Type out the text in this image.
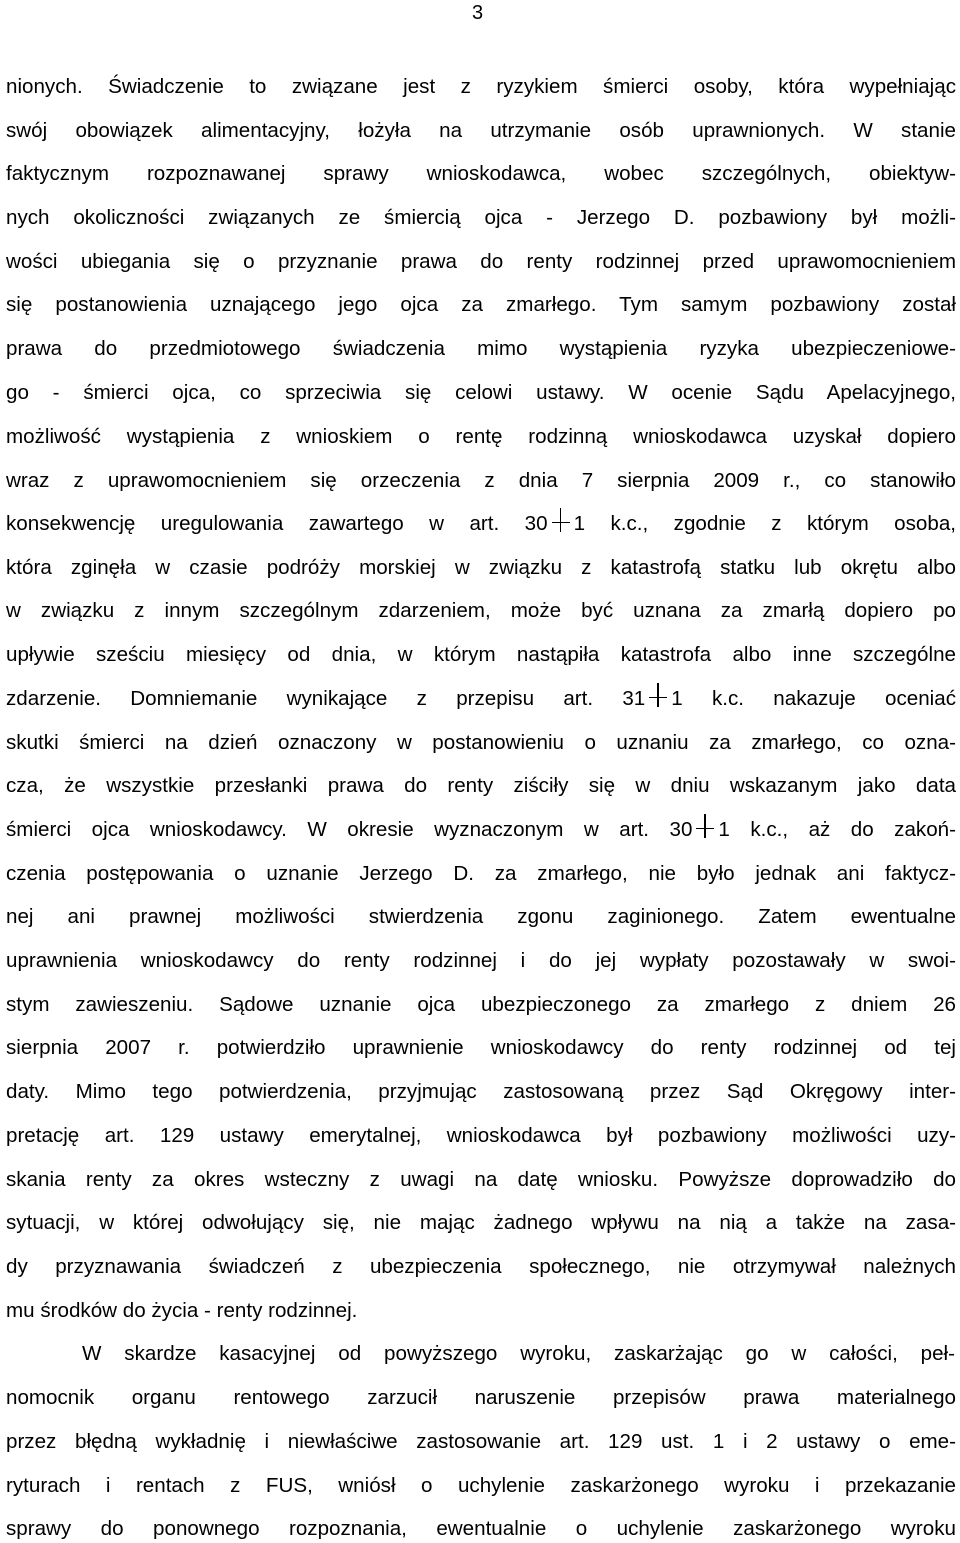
3
nionych. Świadczenie to związane jest z ryzykiem śmierci osoby, która wypełniając
swój obowiązek alimentacyjny, łożyła na utrzymanie osób uprawnionych. W stanie
faktycznym rozpoznawanej sprawy wnioskodawca, wobec szczególnych, obiektyw-
nych okoliczności związanych ze śmiercią ojca - Jerzego D. pozbawiony był możli-
wości ubiegania się o przyznanie prawa do renty rodzinnej przed uprawomocnieniem
się postanowienia uznającego jego ojca za zmarłego. Tym samym pozbawiony został
prawa do przedmiotowego świadczenia mimo wystąpienia ryzyka ubezpieczeniowe-
go - śmierci ojca, co sprzeciwia się celowi ustawy. W ocenie Sądu Apelacyjnego,
możliwość wystąpienia z wnioskiem o rentę rodzinną wnioskodawca uzyskał dopiero
wraz z uprawomocnieniem się orzeczenia z dnia 7 sierpnia 2009 r., co stanowiło
konsekwencję uregulowania zawartego w art. 30 1 k.c., zgodnie z którym osoba,
która zginęła w czasie podróży morskiej w związku z katastrofą statku lub okrętu albo
w związku z innym szczególnym zdarzeniem, może być uznana za zmarłą dopiero po
upływie sześciu miesięcy od dnia, w którym nastąpiła katastrofa albo inne szczególne
zdarzenie. Domniemanie wynikające z przepisu art. 31 1 k.c. nakazuje oceniać
skutki śmierci na dzień oznaczony w postanowieniu o uznaniu za zmarłego, co ozna-
cza, że wszystkie przesłanki prawa do renty ziściły się w dniu wskazanym jako data
śmierci ojca wnioskodawcy. W okresie wyznaczonym w art. 30 1 k.c., aż do zakoń-
czenia postępowania o uznanie Jerzego D. za zmarłego, nie było jednak ani faktycz-
nej ani prawnej możliwości stwierdzenia zgonu zaginionego. Zatem ewentualne
uprawnienia wnioskodawcy do renty rodzinnej i do jej wypłaty pozostawały w swoi-
stym zawieszeniu. Sądowe uznanie ojca ubezpieczonego za zmarłego z dniem 26
sierpnia 2007 r. potwierdziło uprawnienie wnioskodawcy do renty rodzinnej od tej
daty. Mimo tego potwierdzenia, przyjmując zastosowaną przez Sąd Okręgowy inter-
pretację art. 129 ustawy emerytalnej, wnioskodawca był pozbawiony możliwości uzy-
skania renty za okres wsteczny z uwagi na datę wniosku. Powyższe doprowadziło do
sytuacji, w której odwołujący się, nie mając żadnego wpływu na nią a także na zasa-
dy przyznawania świadczeń z ubezpieczenia społecznego, nie otrzymywał należnych
mu środków do życia - renty rodzinnej.
W skardze kasacyjnej od powyższego wyroku, zaskarżając go w całości, peł-
nomocnik organu rentowego zarzucił naruszenie przepisów prawa materialnego
przez błędną wykładnię i niewłaściwe zastosowanie art. 129 ust. 1 i 2 ustawy o eme-
ryturach i rentach z FUS, wniósł o uchylenie zaskarżonego wyroku i przekazanie
sprawy do ponownego rozpoznania, ewentualnie o uchylenie zaskarżonego wyroku
